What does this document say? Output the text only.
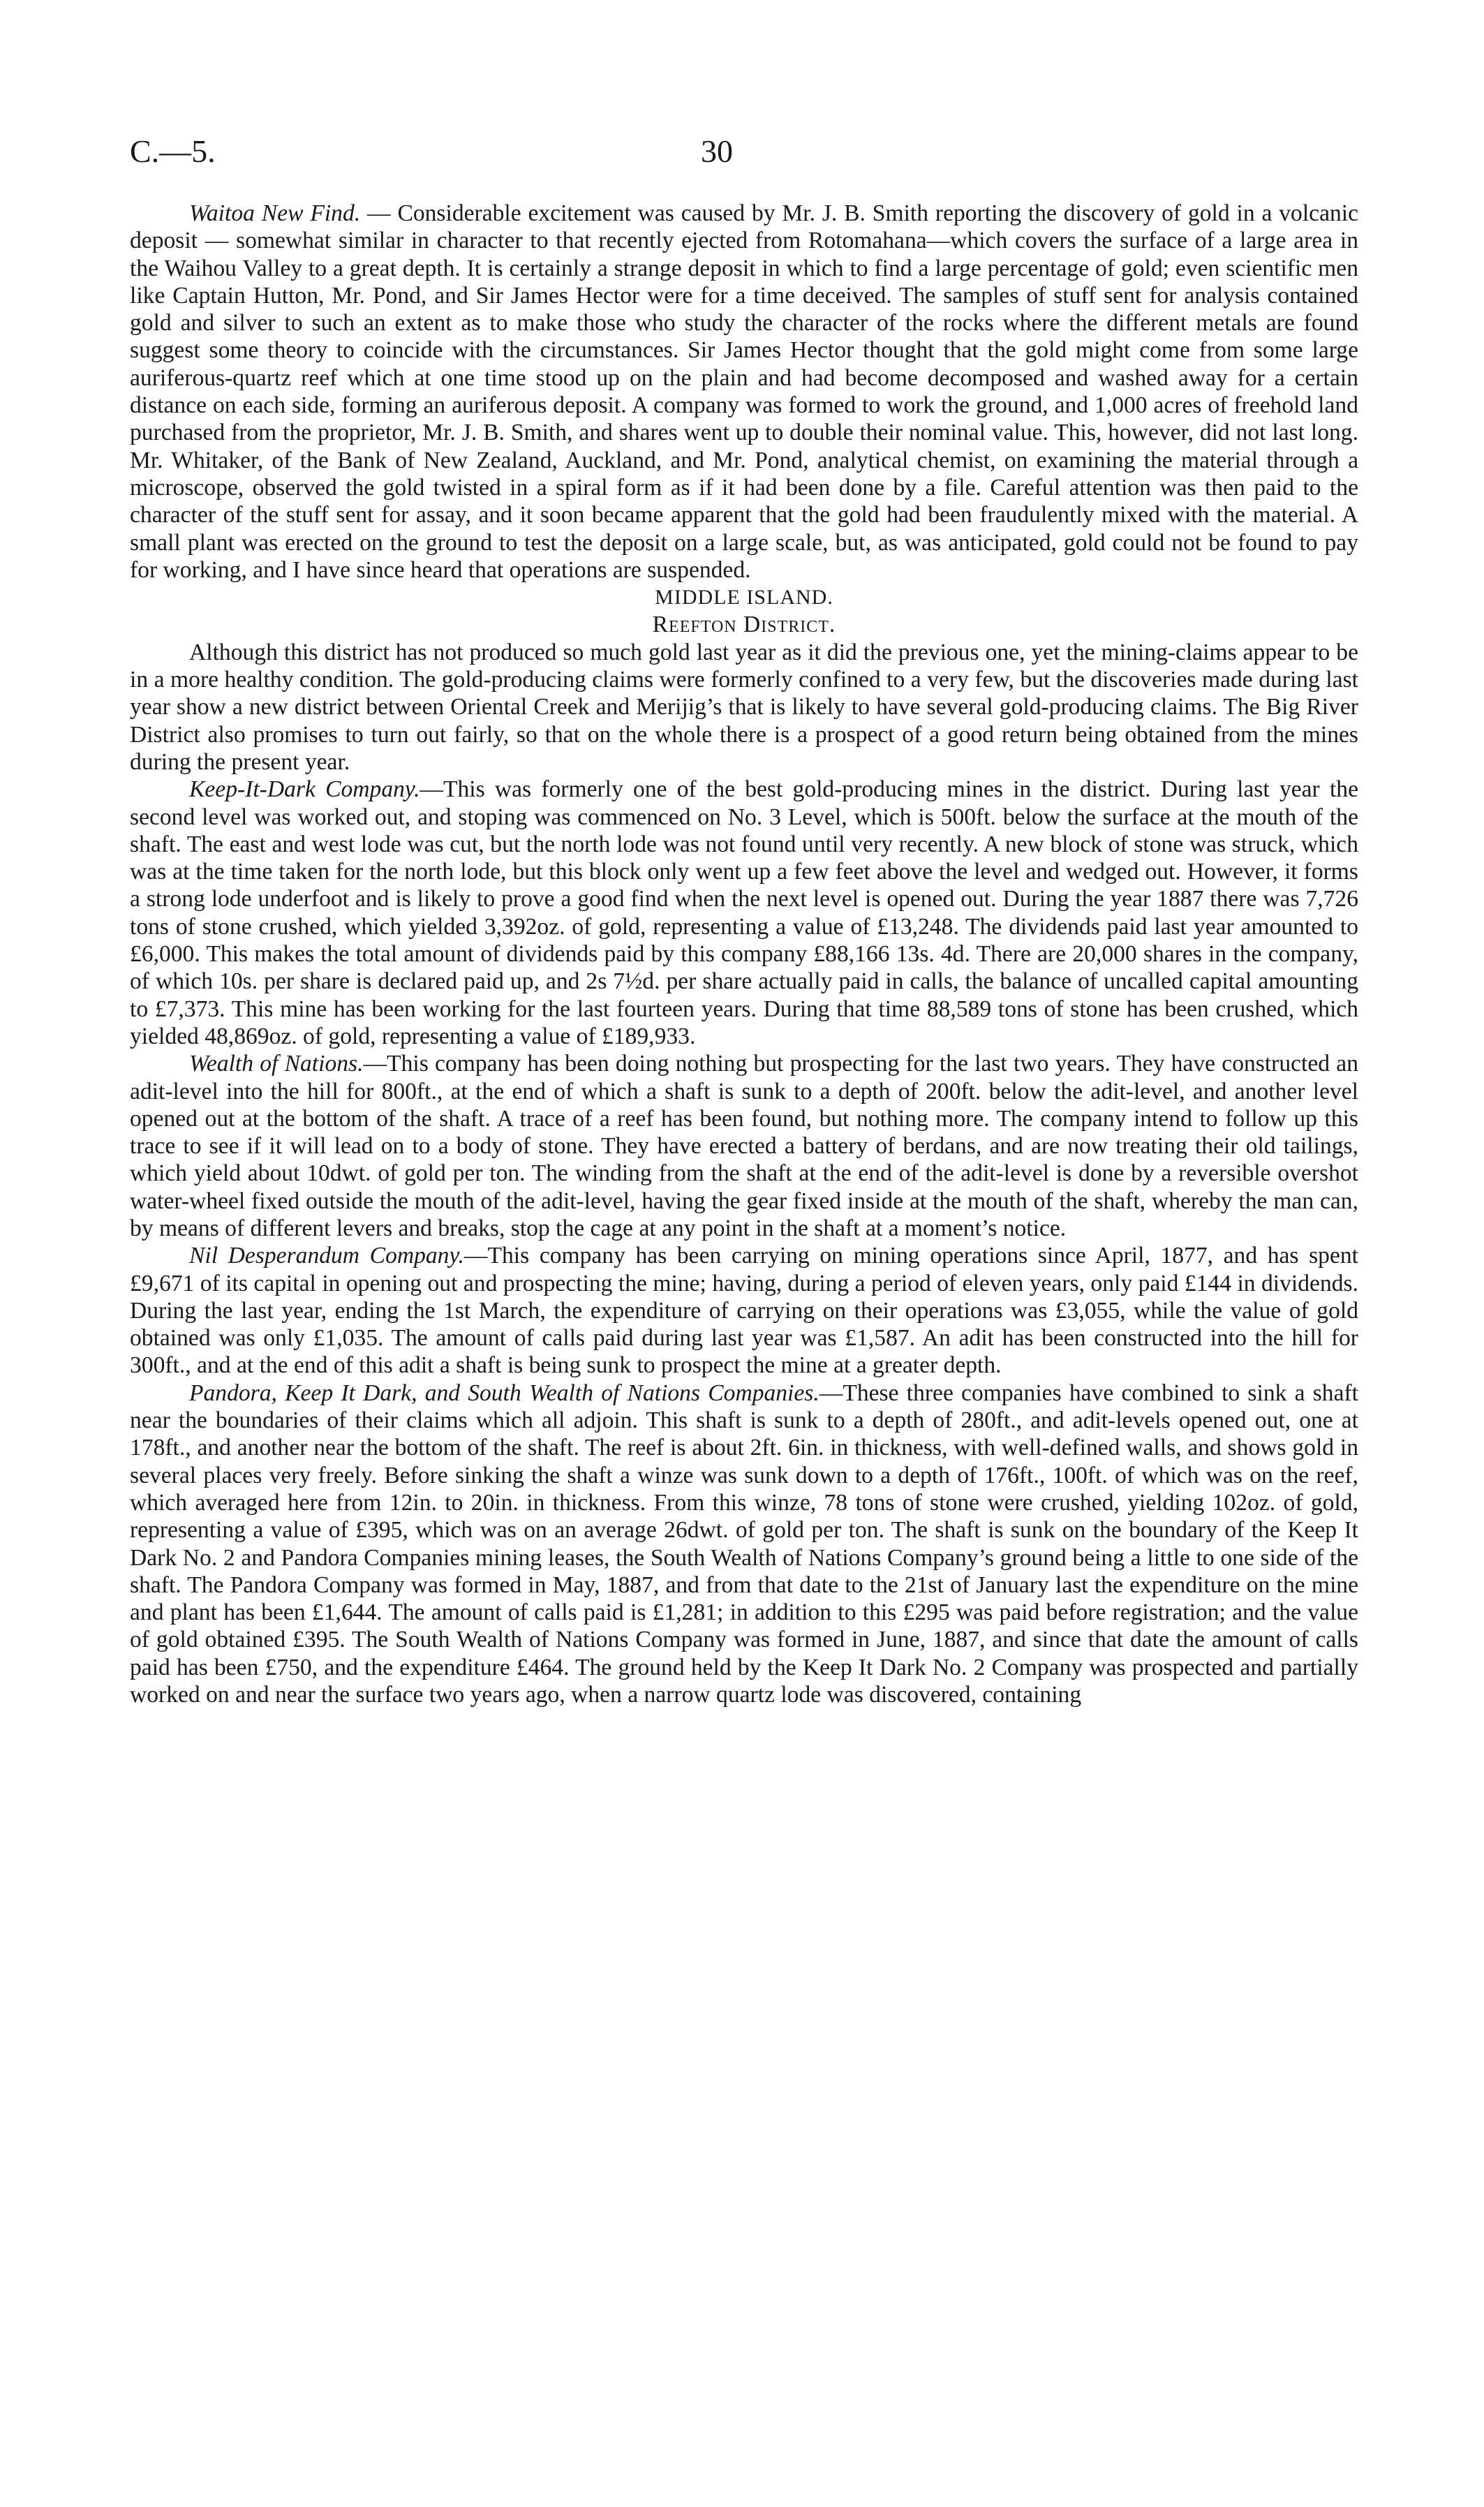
C.—5.	30

Waitoa New Find. — Considerable excitement was caused by Mr. J. B. Smith reporting the discovery of gold in a volcanic deposit — somewhat similar in character to that recently ejected from Rotomahana—which covers the surface of a large area in the Waihou Valley to a great depth. It is certainly a strange deposit in which to find a large percentage of gold; even scientific men like Captain Hutton, Mr. Pond, and Sir James Hector were for a time deceived. The samples of stuff sent for analysis contained gold and silver to such an extent as to make those who study the character of the rocks where the different metals are found suggest some theory to coincide with the circumstances. Sir James Hector thought that the gold might come from some large auriferous-quartz reef which at one time stood up on the plain and had become decomposed and washed away for a certain distance on each side, forming an auriferous deposit. A company was formed to work the ground, and 1,000 acres of freehold land purchased from the proprietor, Mr. J. B. Smith, and shares went up to double their nominal value. This, however, did not last long. Mr. Whitaker, of the Bank of New Zealand, Auckland, and Mr. Pond, analytical chemist, on examining the material through a microscope, observed the gold twisted in a spiral form as if it had been done by a file. Careful attention was then paid to the character of the stuff sent for assay, and it soon became apparent that the gold had been fraudulently mixed with the material. A small plant was erected on the ground to test the deposit on a large scale, but, as was anticipated, gold could not be found to pay for working, and I have since heard that operations are suspended.

MIDDLE ISLAND.

Reefton District.

Although this district has not produced so much gold last year as it did the previous one, yet the mining-claims appear to be in a more healthy condition. The gold-producing claims were formerly confined to a very few, but the discoveries made during last year show a new district between Oriental Creek and Merijig’s that is likely to have several gold-producing claims. The Big River District also promises to turn out fairly, so that on the whole there is a prospect of a good return being obtained from the mines during the present year.

Keep-It-Dark Company.—This was formerly one of the best gold-producing mines in the district. During last year the second level was worked out, and stoping was commenced on No. 3 Level, which is 500ft. below the surface at the mouth of the shaft. The east and west lode was cut, but the north lode was not found until very recently. A new block of stone was struck, which was at the time taken for the north lode, but this block only went up a few feet above the level and wedged out. However, it forms a strong lode underfoot and is likely to prove a good find when the next level is opened out. During the year 1887 there was 7,726 tons of stone crushed, which yielded 3,392oz. of gold, representing a value of £13,248. The dividends paid last year amounted to £6,000. This makes the total amount of dividends paid by this company £88,166 13s. 4d. There are 20,000 shares in the company, of which 10s. per share is declared paid up, and 2s 7½d. per share actually paid in calls, the balance of uncalled capital amounting to £7,373. This mine has been working for the last fourteen years. During that time 88,589 tons of stone has been crushed, which yielded 48,869oz. of gold, representing a value of £189,933.

Wealth of Nations.—This company has been doing nothing but prospecting for the last two years. They have constructed an adit-level into the hill for 800ft., at the end of which a shaft is sunk to a depth of 200ft. below the adit-level, and another level opened out at the bottom of the shaft. A trace of a reef has been found, but nothing more. The company intend to follow up this trace to see if it will lead on to a body of stone. They have erected a battery of berdans, and are now treating their old tailings, which yield about 10dwt. of gold per ton. The winding from the shaft at the end of the adit-level is done by a reversible overshot water-wheel fixed outside the mouth of the adit-level, having the gear fixed inside at the mouth of the shaft, whereby the man can, by means of different levers and breaks, stop the cage at any point in the shaft at a moment’s notice.

Nil Desperandum Company.—This company has been carrying on mining operations since April, 1877, and has spent £9,671 of its capital in opening out and prospecting the mine; having, during a period of eleven years, only paid £144 in dividends. During the last year, ending the 1st March, the expenditure of carrying on their operations was £3,055, while the value of gold obtained was only £1,035. The amount of calls paid during last year was £1,587. An adit has been constructed into the hill for 300ft., and at the end of this adit a shaft is being sunk to prospect the mine at a greater depth.

Pandora, Keep It Dark, and South Wealth of Nations Companies.—These three companies have combined to sink a shaft near the boundaries of their claims which all adjoin. This shaft is sunk to a depth of 280ft., and adit-levels opened out, one at 178ft., and another near the bottom of the shaft. The reef is about 2ft. 6in. in thickness, with well-defined walls, and shows gold in several places very freely. Before sinking the shaft a winze was sunk down to a depth of 176ft., 100ft. of which was on the reef, which averaged here from 12in. to 20in. in thickness. From this winze, 78 tons of stone were crushed, yielding 102oz. of gold, representing a value of £395, which was on an average 26dwt. of gold per ton. The shaft is sunk on the boundary of the Keep It Dark No. 2 and Pandora Companies mining leases, the South Wealth of Nations Company’s ground being a little to one side of the shaft. The Pandora Company was formed in May, 1887, and from that date to the 21st of January last the expenditure on the mine and plant has been £1,644. The amount of calls paid is £1,281; in addition to this £295 was paid before registration; and the value of gold obtained £395. The South Wealth of Nations Company was formed in June, 1887, and since that date the amount of calls paid has been £750, and the expenditure £464. The ground held by the Keep It Dark No. 2 Company was prospected and partially worked on and near the surface two years ago, when a narrow quartz lode was discovered, containing
